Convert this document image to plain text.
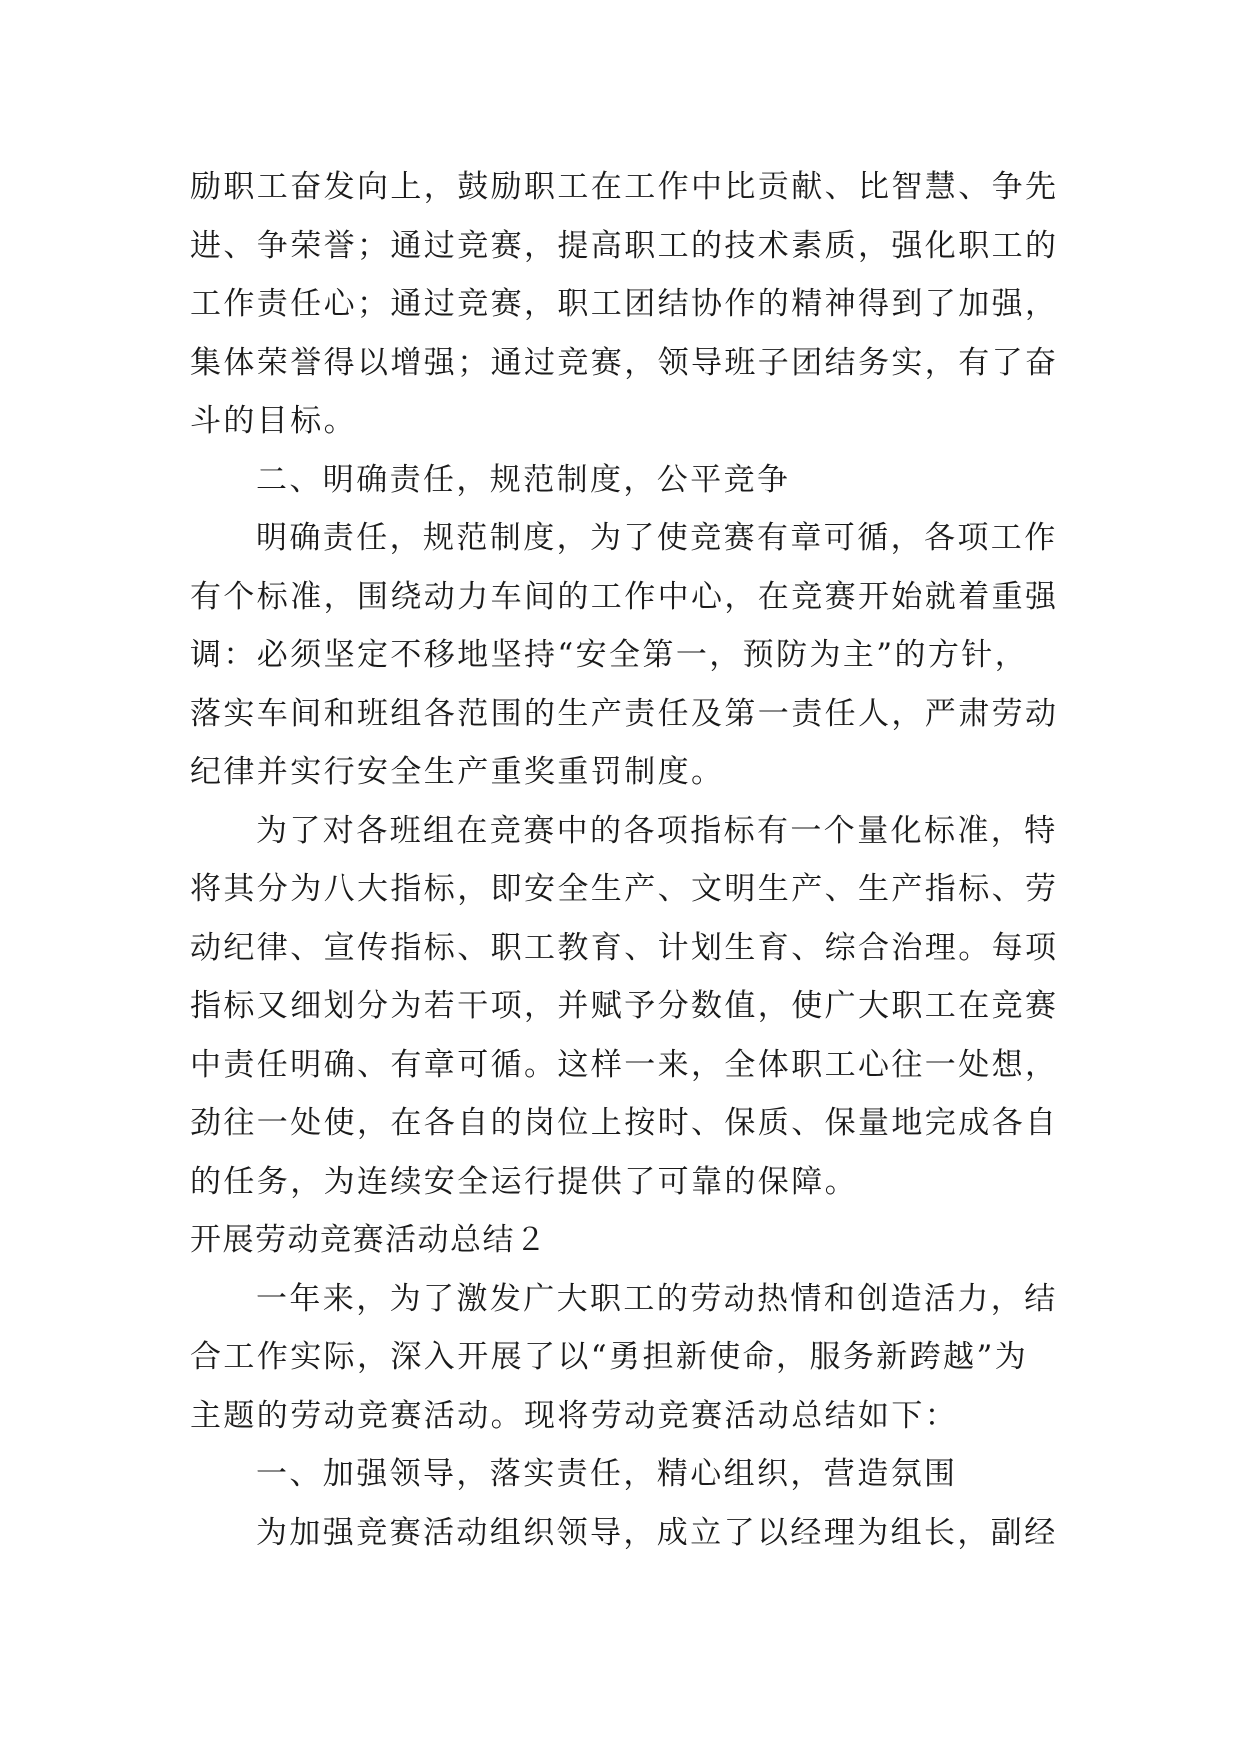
励职工奋发向上，鼓励职工在工作中比贡献、比智慧、争先
进、争荣誉；通过竞赛，提高职工的技术素质，强化职工的
工作责任心；通过竞赛，职工团结协作的精神得到了加强，
集体荣誉得以增强；通过竞赛，领导班子团结务实，有了奋
斗的目标。
二、明确责任，规范制度，公平竞争
明确责任，规范制度，为了使竞赛有章可循，各项工作
有个标准，围绕动力车间的工作中心，在竞赛开始就着重强
调：必须坚定不移地坚持“安全第一，预防为主”的方针，
落实车间和班组各范围的生产责任及第一责任人，严肃劳动
纪律并实行安全生产重奖重罚制度。
为了对各班组在竞赛中的各项指标有一个量化标准，特
将其分为八大指标，即安全生产、文明生产、生产指标、劳
动纪律、宣传指标、职工教育、计划生育、综合治理。每项
指标又细划分为若干项，并赋予分数值，使广大职工在竞赛
中责任明确、有章可循。这样一来，全体职工心往一处想，
劲往一处使，在各自的岗位上按时、保质、保量地完成各自
的任务，为连续安全运行提供了可靠的保障。
开展劳动竞赛活动总结２
一年来，为了激发广大职工的劳动热情和创造活力，结
合工作实际，深入开展了以“勇担新使命，服务新跨越”为
主题的劳动竞赛活动。现将劳动竞赛活动总结如下：
一、加强领导，落实责任，精心组织，营造氛围
为加强竞赛活动组织领导，成立了以经理为组长，副经
